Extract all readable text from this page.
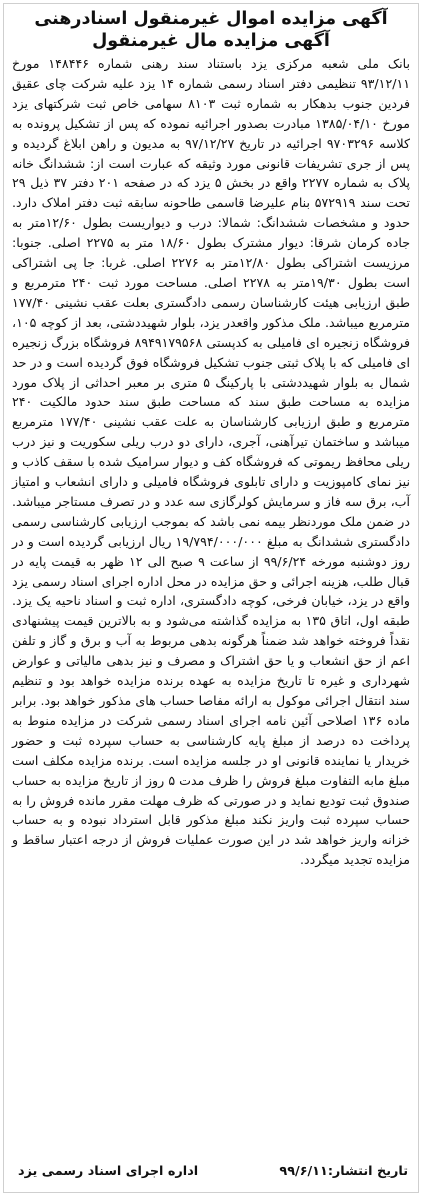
آگهی مزایده اموال غیرمنقول اسنادرهنی
آگهی مزایده مال غیرمنقول

بانک ملی شعبه مرکزی یزد باستناد سند رهنی شماره ۱۴۸۴۴۶ مورخ ۹۳/۱۲/۱۱ تنظیمی دفتر اسناد رسمی شماره ۱۴ یزد علیه شرکت چای عقیق فردین جنوب بدهکار به شماره ثبت ۸۱۰۳ سهامی خاص ثبت شرکتهای یزد مورخ ۱۳۸۵/۰۴/۱۰ مبادرت بصدور اجرائیه نموده که پس از تشکیل پرونده به کلاسه ۹۷۰۳۲۹۶ اجرائیه در تاریخ ۹۷/۱۲/۲۷ به مدیون و راهن ابلاغ گردیده و پس از جری تشریفات قانونی مورد وثیقه که عبارت است از: ششدانگ خانه پلاک به شماره ۲۲۷۷ واقع در بخش ۵ یزد که در صفحه ۲۰۱ دفتر ۳۷ ذیل ۲۹ تحت سند ۵۷۲۹۱۹ بنام علیرضا قاسمی طاحونه سابقه ثبت دفتر املاک دارد. حدود و مشخصات ششدانگ: شمالا: درب و دیواریست بطول ۱۲/۶۰متر به جاده کرمان شرقا: دیوار مشترک بطول ۱۸/۶۰ متر به ۲۲۷۵ اصلی. جنوبا: مرزیست اشتراکی بطول ۱۲/۸۰متر به ۲۲۷۶ اصلی. غربا: جا پی اشتراکی است بطول ۱۹/۳۰متر به ۲۲۷۸ اصلی. مساحت مورد ثبت ۲۴۰ مترمربع و طبق ارزیابی هیئت کارشناسان رسمی دادگستری بعلت عقب نشینی ۱۷۷/۴۰ مترمربع میباشد. ملک مذکور واقعدر یزد، بلوار شهیددشتی، بعد از کوچه ۱۰۵، فروشگاه زنجیره ای فامیلی به کدپستی ۸۹۴۹۱۷۹۵۶۸ فروشگاه بزرگ زنجیره ای فامیلی که با پلاک ثبتی جنوب تشکیل فروشگاه فوق گردیده است و در حد شمال به بلوار شهیددشتی با پارکینگ ۵ متری بر معبر احداثی از پلاک مورد مزایده به مساحت طبق سند که مساحت طبق سند حدود مالکیت ۲۴۰ مترمربع و طبق ارزیابی کارشناسان به علت عقب نشینی ۱۷۷/۴۰ مترمربع میباشد و ساختمان تیرآهنی، آجری، دارای دو درب ریلی سکوریت و نیز درب ریلی محافظ ریموتی که فروشگاه کف و دیوار سرامیک شده با سقف کاذب و نیز نمای کامپوزیت و دارای تابلوی فروشگاه فامیلی و دارای انشعاب و امتیاز آب، برق سه فاز و سرمایش کولرگازی سه عدد و در تصرف مستاجر میباشد. در ضمن ملک موردنظر بیمه نمی باشد که بموجب ارزیابی کارشناسی رسمی دادگستری ششدانگ به مبلغ ۱۹/۷۹۴/۰۰۰/۰۰۰ ریال ارزیابی گردیده است و در روز دوشنبه مورخه ۹۹/۶/۲۴ از ساعت ۹ صبح الی ۱۲ ظهر به قیمت پایه در قبال طلب، هزینه اجرائی و حق مزایده در محل اداره اجرای اسناد رسمی یزد واقع در یزد، خیابان فرخی، کوچه دادگستری، اداره ثبت و اسناد ناحیه یک یزد. طبقه اول، اتاق ۱۳۵ به مزایده گذاشته می‌شود و به بالاترین قیمت پیشنهادی نقداً فروخته خواهد شد ضمناً هرگونه بدهی مربوط به آب و برق و گاز و تلفن اعم از حق انشعاب و یا حق اشتراک و مصرف و نیز بدهی مالیاتی و عوارض شهرداری و غیره تا تاریخ مزایده به عهده برنده مزایده خواهد بود و تنظیم سند انتقال اجرائی موکول به ارائه مفاصا حساب های مذکور خواهد بود. برابر ماده ۱۳۶ اصلاحی آئین نامه اجرای اسناد رسمی شرکت در مزایده منوط به پرداخت ده درصد از مبلغ پایه کارشناسی به حساب سپرده ثبت و حضور خریدار یا نماینده قانونی او در جلسه مزایده است. برنده مزایده مکلف است مبلغ مابه التفاوت مبلغ فروش را ظرف مدت ۵ روز از تاریخ مزایده به حساب صندوق ثبت تودیع نماید و در صورتی که ظرف مهلت مقرر مانده فروش را به حساب سپرده ثبت واریز نکند مبلغ مذکور قابل استرداد نبوده و به حساب خزانه واریز خواهد شد در این صورت عملیات فروش از درجه اعتبار ساقط و مزایده تجدید میگردد.

تاریخ انتشار:۹۹/۶/۱۱
اداره اجرای اسناد رسمی یزد
